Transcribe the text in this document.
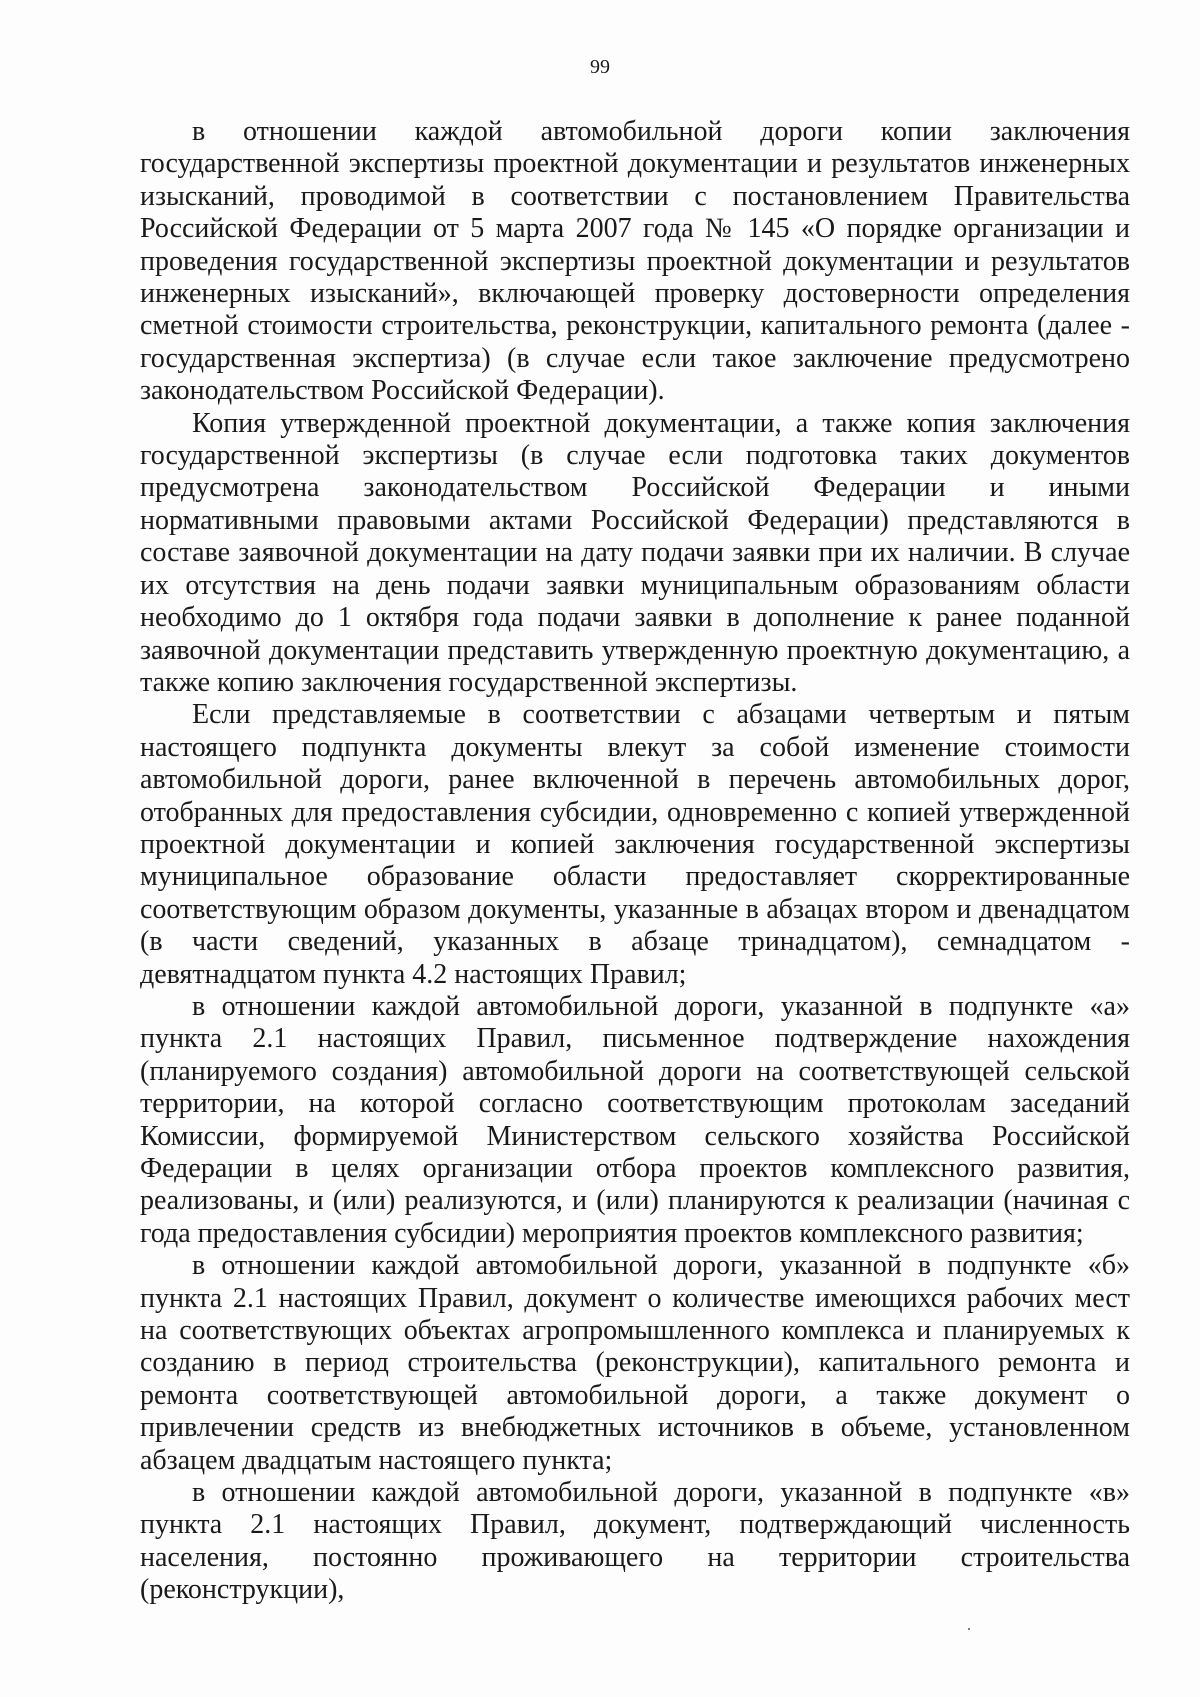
99

в отношении каждой автомобильной дороги копии заключения государственной экспертизы проектной документации и результатов инженерных изысканий, проводимой в соответствии с постановлением Правительства Российской Федерации от 5 марта 2007 года № 145 «О порядке организации и проведения государственной экспертизы проектной документации и результатов инженерных изысканий», включающей проверку достоверности определения сметной стоимости строительства, реконструкции, капитального ремонта (далее - государственная экспертиза) (в случае если такое заключение предусмотрено законодательством Российской Федерации).

Копия утвержденной проектной документации, а также копия заключения государственной экспертизы (в случае если подготовка таких документов предусмотрена законодательством Российской Федерации и иными нормативными правовыми актами Российской Федерации) представляются в составе заявочной документации на дату подачи заявки при их наличии. В случае их отсутствия на день подачи заявки муниципальным образованиям области необходимо до 1 октября года подачи заявки в дополнение к ранее поданной заявочной документации представить утвержденную проектную документацию, а также копию заключения государственной экспертизы.

Если представляемые в соответствии с абзацами четвертым и пятым настоящего подпункта документы влекут за собой изменение стоимости автомобильной дороги, ранее включенной в перечень автомобильных дорог, отобранных для предоставления субсидии, одновременно с копией утвержденной проектной документации и копией заключения государственной экспертизы муниципальное образование области предоставляет скорректированные соответствующим образом документы, указанные в абзацах втором и двенадцатом (в части сведений, указанных в абзаце тринадцатом), семнадцатом - девятнадцатом пункта 4.2 настоящих Правил;

в отношении каждой автомобильной дороги, указанной в подпункте «а» пункта 2.1 настоящих Правил, письменное подтверждение нахождения (планируемого создания) автомобильной дороги на соответствующей сельской территории, на которой согласно соответствующим протоколам заседаний Комиссии, формируемой Министерством сельского хозяйства Российской Федерации в целях организации отбора проектов комплексного развития, реализованы, и (или) реализуются, и (или) планируются к реализации (начиная с года предоставления субсидии) мероприятия проектов комплексного развития;

в отношении каждой автомобильной дороги, указанной в подпункте «б» пункта 2.1 настоящих Правил, документ о количестве имеющихся рабочих мест на соответствующих объектах агропромышленного комплекса и планируемых к созданию в период строительства (реконструкции), капитального ремонта и ремонта соответствующей автомобильной дороги, а также документ о привлечении средств из внебюджетных источников в объеме, установленном абзацем двадцатым настоящего пункта;

в отношении каждой автомобильной дороги, указанной в подпункте «в» пункта 2.1 настоящих Правил, документ, подтверждающий численность населения, постоянно проживающего на территории строительства (реконструкции),
